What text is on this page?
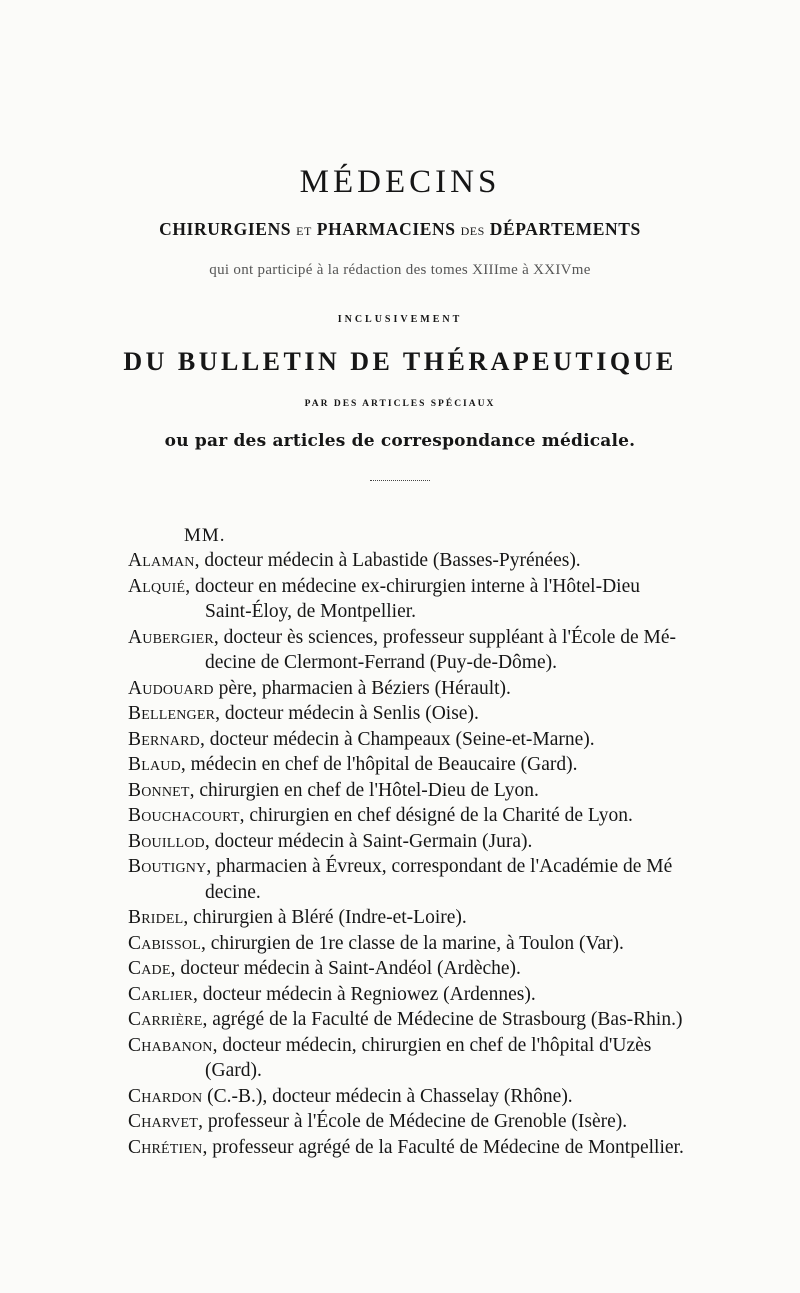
MÉDECINS
CHIRURGIENS ET PHARMACIENS DES DÉPARTEMENTS
qui ont participé à la rédaction des tomes XIIIme à XXIVme
INCLUSIVEMENT
DU BULLETIN DE THÉRAPEUTIQUE
PAR DES ARTICLES SPÉCIAUX
ou par des articles de correspondance médicale.
MM.
Alaman, docteur médecin à Labastide (Basses-Pyrénées).
Alquié, docteur en médecine ex-chirurgien interne à l'Hôtel-Dieu
Saint-Éloy, de Montpellier.
Aubergier, docteur ès sciences, professeur suppléant à l'École de Mé-
decine de Clermont-Ferrand (Puy-de-Dôme).
Audouard père, pharmacien à Béziers (Hérault).
Bellenger, docteur médecin à Senlis (Oise).
Bernard, docteur médecin à Champeaux (Seine-et-Marne).
Blaud, médecin en chef de l'hôpital de Beaucaire (Gard).
Bonnet, chirurgien en chef de l'Hôtel-Dieu de Lyon.
Bouchacourt, chirurgien en chef désigné de la Charité de Lyon.
Bouillod, docteur médecin à Saint-Germain (Jura).
Boutigny, pharmacien à Évreux, correspondant de l'Académie de Mé
decine.
Bridel, chirurgien à Bléré (Indre-et-Loire).
Cabissol, chirurgien de 1re classe de la marine, à Toulon (Var).
Cade, docteur médecin à Saint-Andéol (Ardèche).
Carlier, docteur médecin à Regniowez (Ardennes).
Carrière, agrégé de la Faculté de Médecine de Strasbourg (Bas-Rhin.)
Chabanon, docteur médecin, chirurgien en chef de l'hôpital d'Uzès
(Gard).
Chardon (C.-B.), docteur médecin à Chasselay (Rhône).
Charvet, professeur à l'École de Médecine de Grenoble (Isère).
Chrétien, professeur agrégé de la Faculté de Médecine de Montpellier.
